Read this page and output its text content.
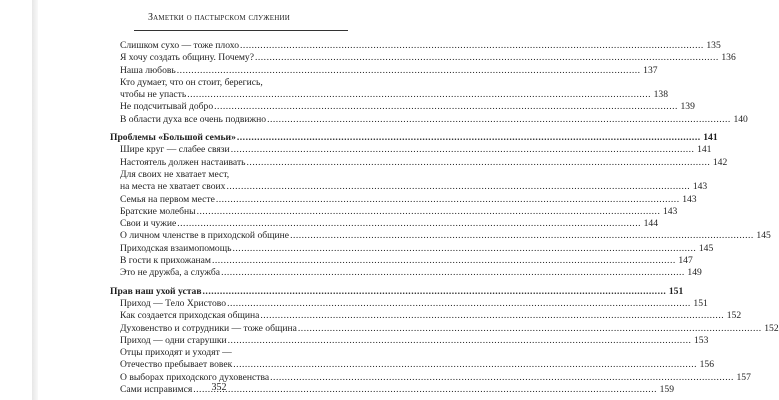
Заметки о пастырском служении
Слишком сухо — тоже плохо .....	135
Я хочу создать общину. Почему? .....	136
Наша любовь .....	137
Кто думает, что он стоит, берегись,
чтобы не упасть .....	138
Не подсчитывай добро .....	139
В области духа все очень подвижно .....	140
Проблемы «Большой семьи» .....	141
Шире круг — слабее связи .....	141
Настоятель должен настаивать .....	142
Для своих не хватает мест,
на места не хватает своих .....	143
Семья на первом месте .....	143
Братские молебны .....	143
Свои и чужие .....	144
О личном членстве в приходской общине .....	145
Приходская взаимопомощь .....	145
В гости к прихожанам .....	147
Это не дружба, а служба .....	149
Прав наш ухой устав .....	151
Приход — Тело Христово .....	151
Как создается приходская община .....	152
Духовенство и сотрудники — тоже община .....	152
Приход — одни старушки .....	153
Отцы приходят и уходят —
Отечество пребывает вовек .....	156
О выборах приходского духовенства .....	157
Сами исправимся .....	159
352
